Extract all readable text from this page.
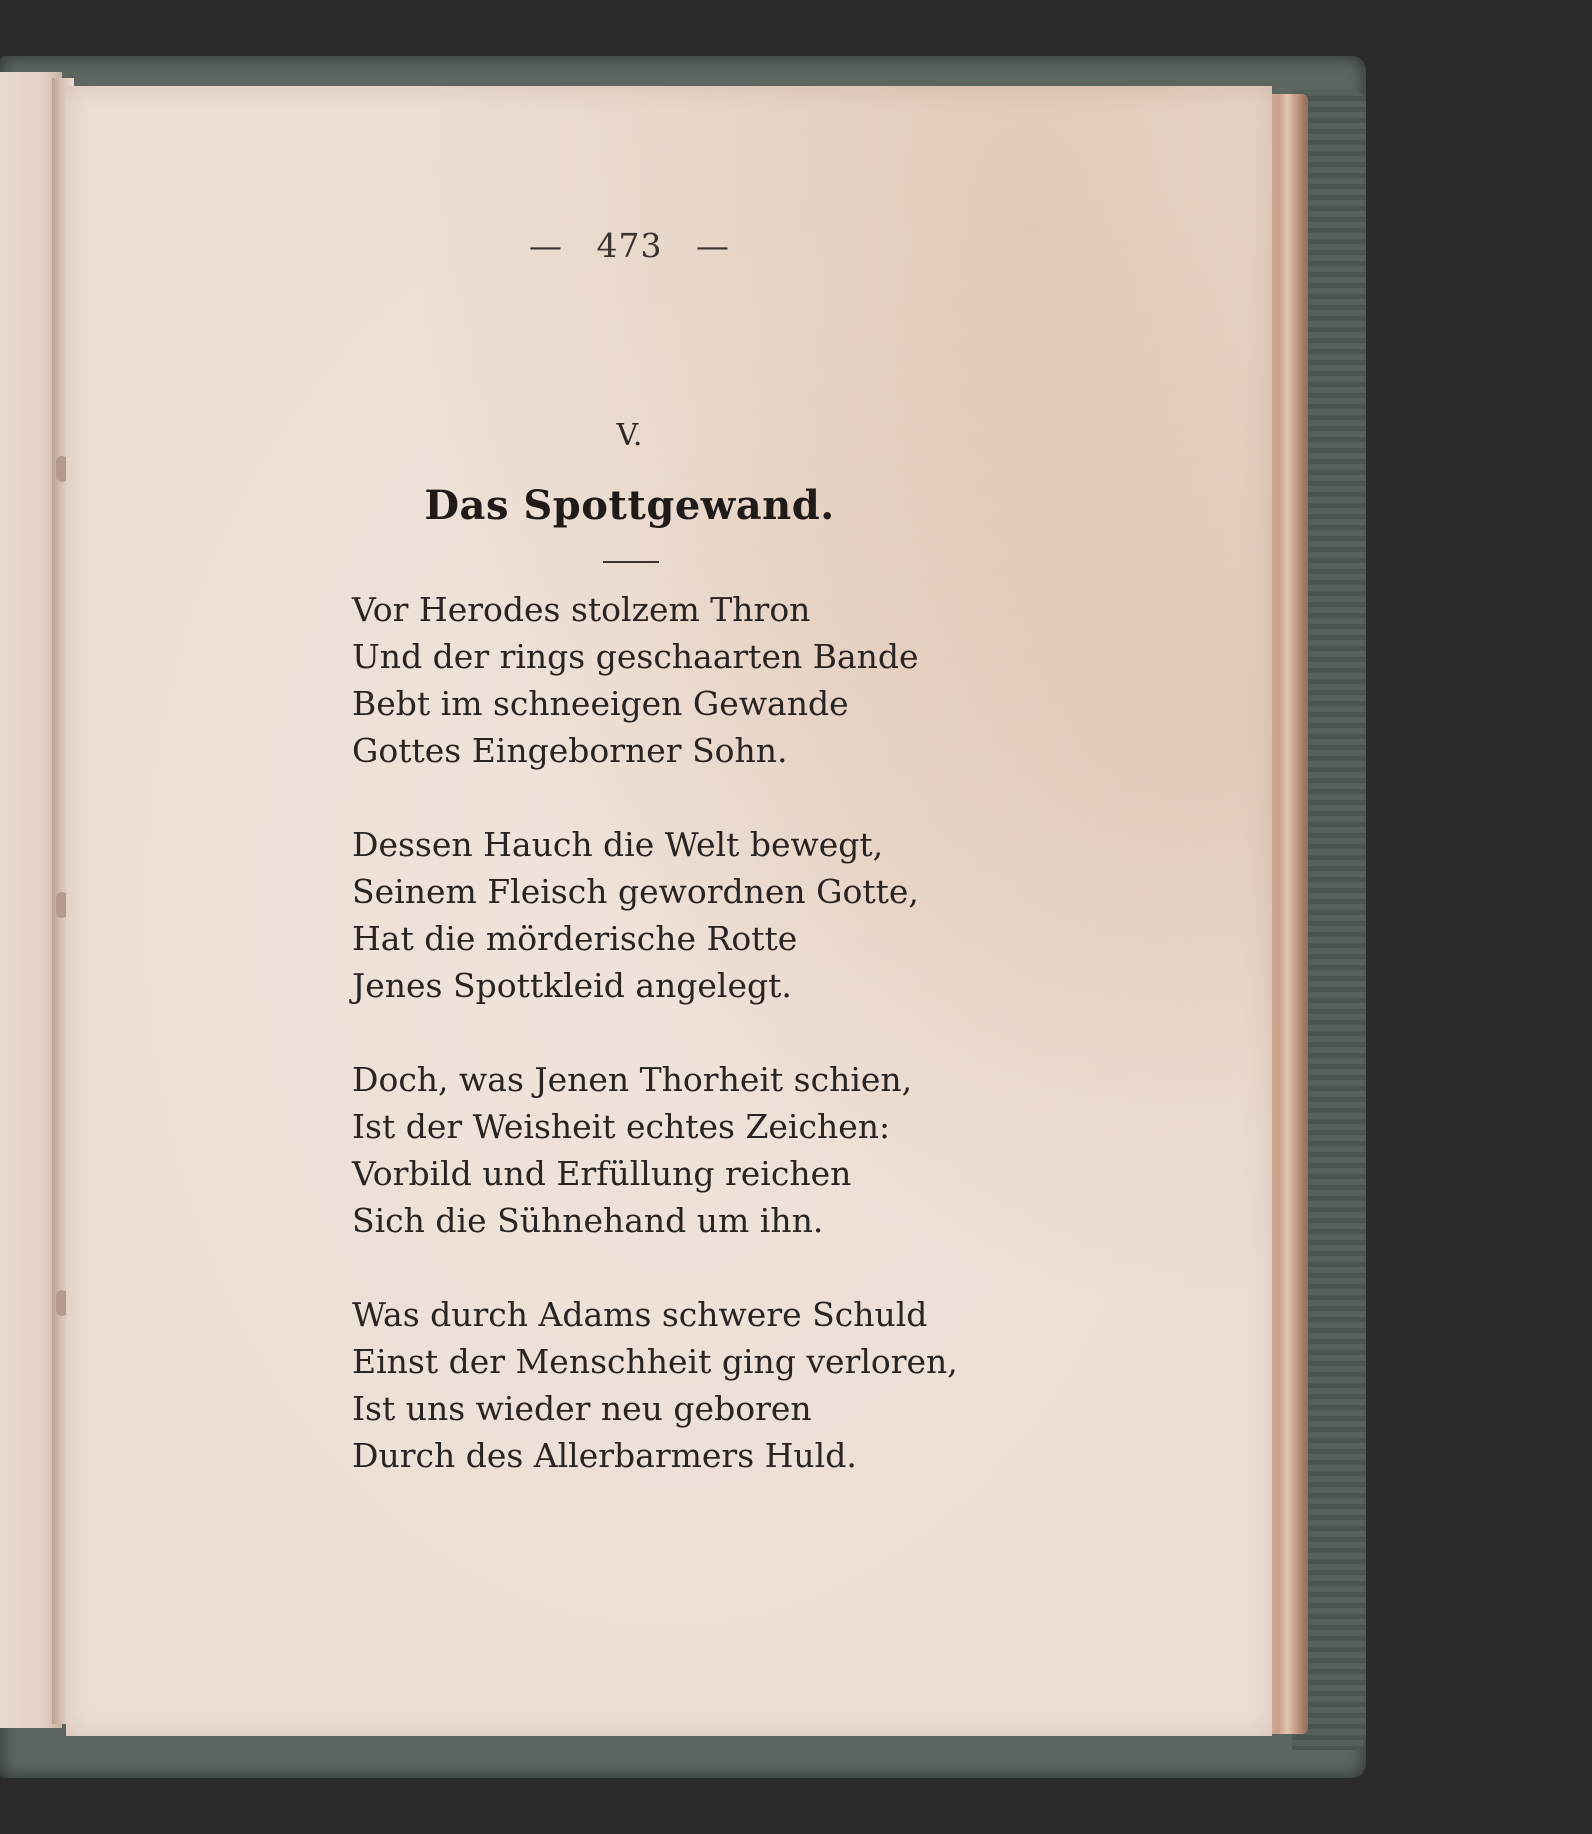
— 473 —
V.
Das Spottgewand.
Vor Herodes stolzem Thron
Und der rings geschaarten Bande
Bebt im schneeigen Gewande
Gottes Eingeborner Sohn.
Dessen Hauch die Welt bewegt,
Seinem Fleisch gewordnen Gotte,
Hat die mörderische Rotte
Jenes Spottkleid angelegt.
Doch, was Jenen Thorheit schien,
Ist der Weisheit echtes Zeichen:
Vorbild und Erfüllung reichen
Sich die Sühnehand um ihn.
Was durch Adams schwere Schuld
Einst der Menschheit ging verloren,
Ist uns wieder neu geboren
Durch des Allerbarmers Huld.
